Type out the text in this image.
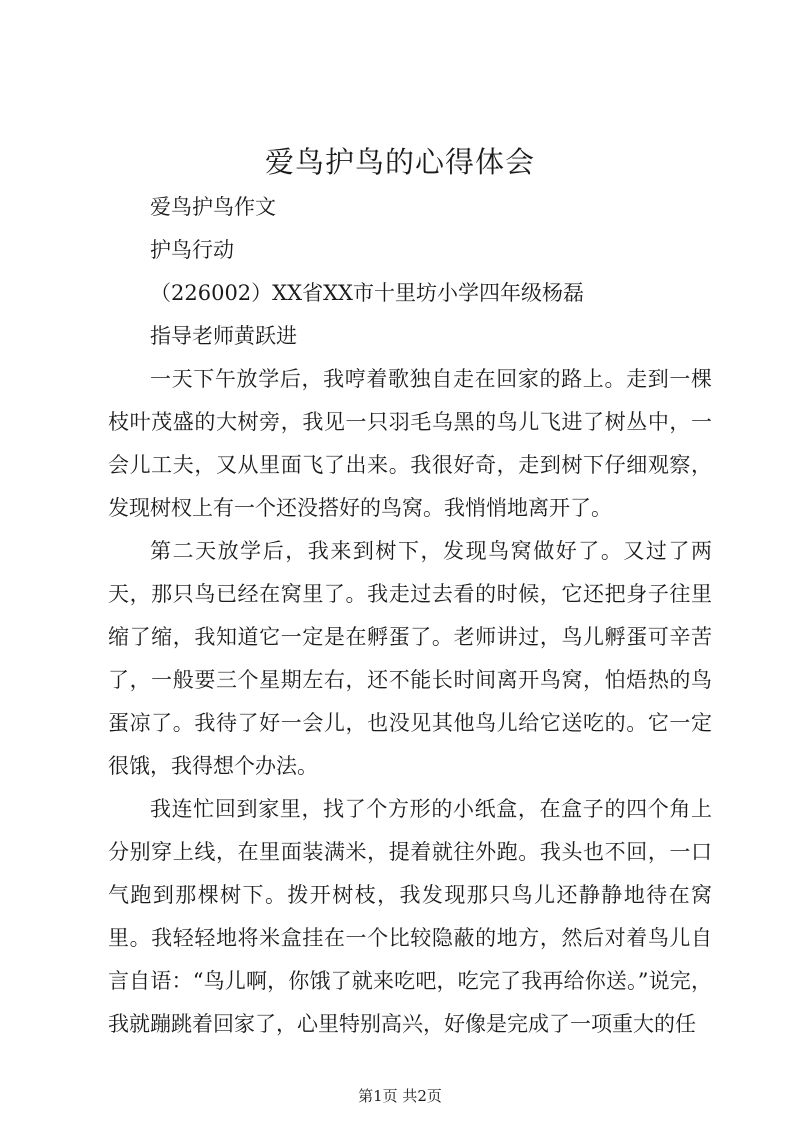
爱鸟护鸟的心得体会

爱鸟护鸟作文

护鸟行动

（226002）XX省XX市十里坊小学四年级杨磊

指导老师黄跃进

一天下午放学后，我哼着歌独自走在回家的路上。走到一棵枝叶茂盛的大树旁，我见一只羽毛乌黑的鸟儿飞进了树丛中，一会儿工夫，又从里面飞了出来。我很好奇，走到树下仔细观察，发现树杈上有一个还没搭好的鸟窝。我悄悄地离开了。

第二天放学后，我来到树下，发现鸟窝做好了。又过了两天，那只鸟已经在窝里了。我走过去看的时候，它还把身子往里缩了缩，我知道它一定是在孵蛋了。老师讲过，鸟儿孵蛋可辛苦了，一般要三个星期左右，还不能长时间离开鸟窝，怕焐热的鸟蛋凉了。我待了好一会儿，也没见其他鸟儿给它送吃的。它一定很饿，我得想个办法。

我连忙回到家里，找了个方形的小纸盒，在盒子的四个角上分别穿上线，在里面装满米，提着就往外跑。我头也不回，一口气跑到那棵树下。拨开树枝，我发现那只鸟儿还静静地待在窝里。我轻轻地将米盒挂在一个比较隐蔽的地方，然后对着鸟儿自言自语：“鸟儿啊，你饿了就来吃吧，吃完了我再给你送。”说完，我就蹦跳着回家了，心里特别高兴，好像是完成了一项重大的任

第1页 共2页
